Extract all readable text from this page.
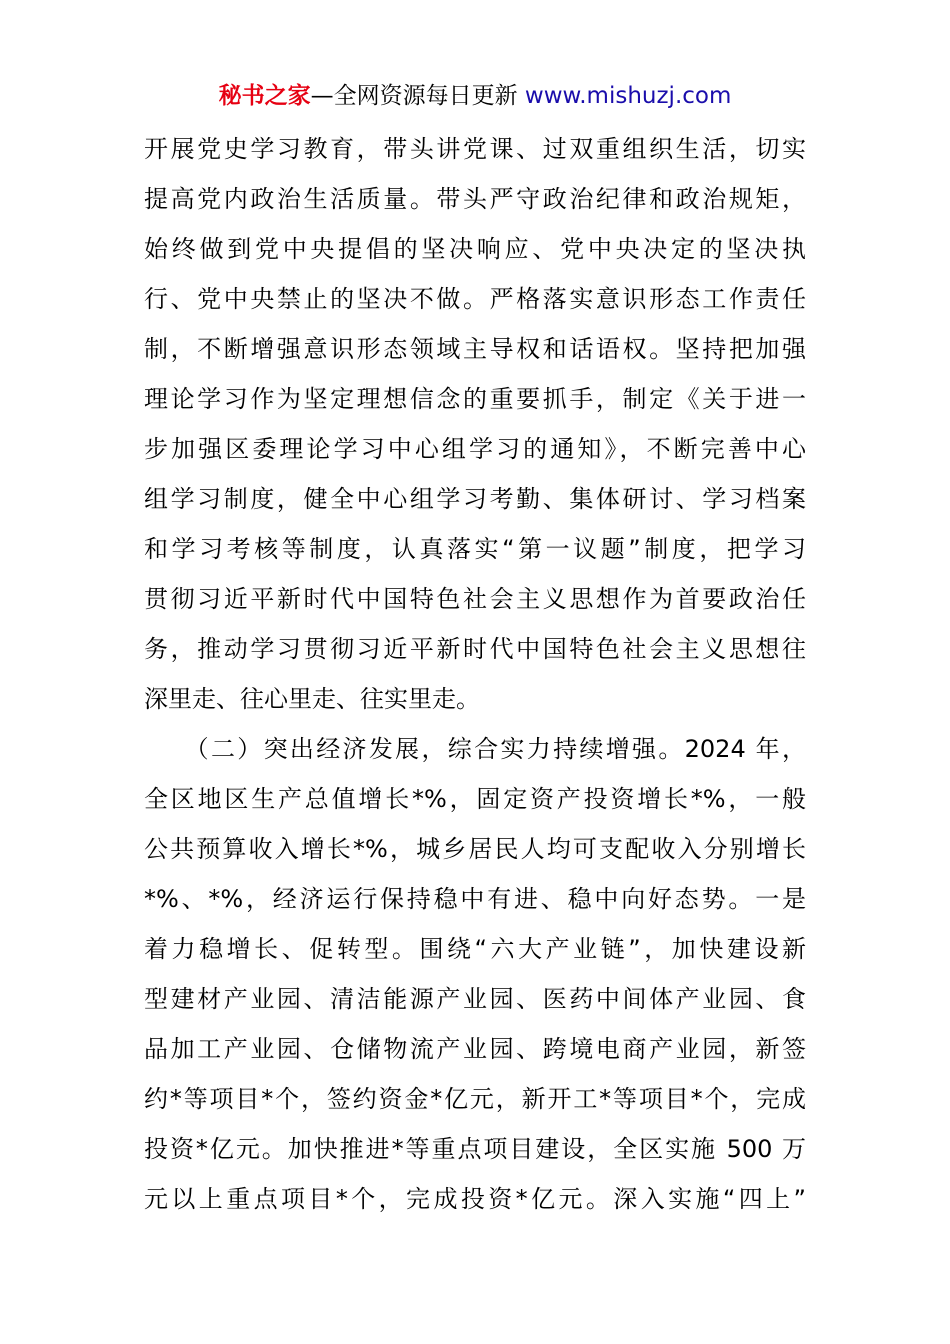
秘书之家—全网资源每日更新 www.mishuzj.com
开展党史学习教育，带头讲党课、过双重组织生活，切实
提高党内政治生活质量。带头严守政治纪律和政治规矩，
始终做到党中央提倡的坚决响应、党中央决定的坚决执
行、党中央禁止的坚决不做。严格落实意识形态工作责任
制，不断增强意识形态领域主导权和话语权。坚持把加强
理论学习作为坚定理想信念的重要抓手，制定《关于进一
步加强区委理论学习中心组学习的通知》，不断完善中心
组学习制度，健全中心组学习考勤、集体研讨、学习档案
和学习考核等制度，认真落实“第一议题”制度，把学习
贯彻习近平新时代中国特色社会主义思想作为首要政治任
务，推动学习贯彻习近平新时代中国特色社会主义思想往
深里走、往心里走、往实里走。
　　（二）突出经济发展，综合实力持续增强。2024 年，
全区地区生产总值增长*%，固定资产投资增长*%，一般
公共预算收入增长*%，城乡居民人均可支配收入分别增长
*%、*%，经济运行保持稳中有进、稳中向好态势。一是
着力稳增长、促转型。围绕“六大产业链”，加快建设新
型建材产业园、清洁能源产业园、医药中间体产业园、食
品加工产业园、仓储物流产业园、跨境电商产业园，新签
约*等项目*个，签约资金*亿元，新开工*等项目*个，完成
投资*亿元。加快推进*等重点项目建设，全区实施 500 万
元以上重点项目*个，完成投资*亿元。深入实施“四上”
